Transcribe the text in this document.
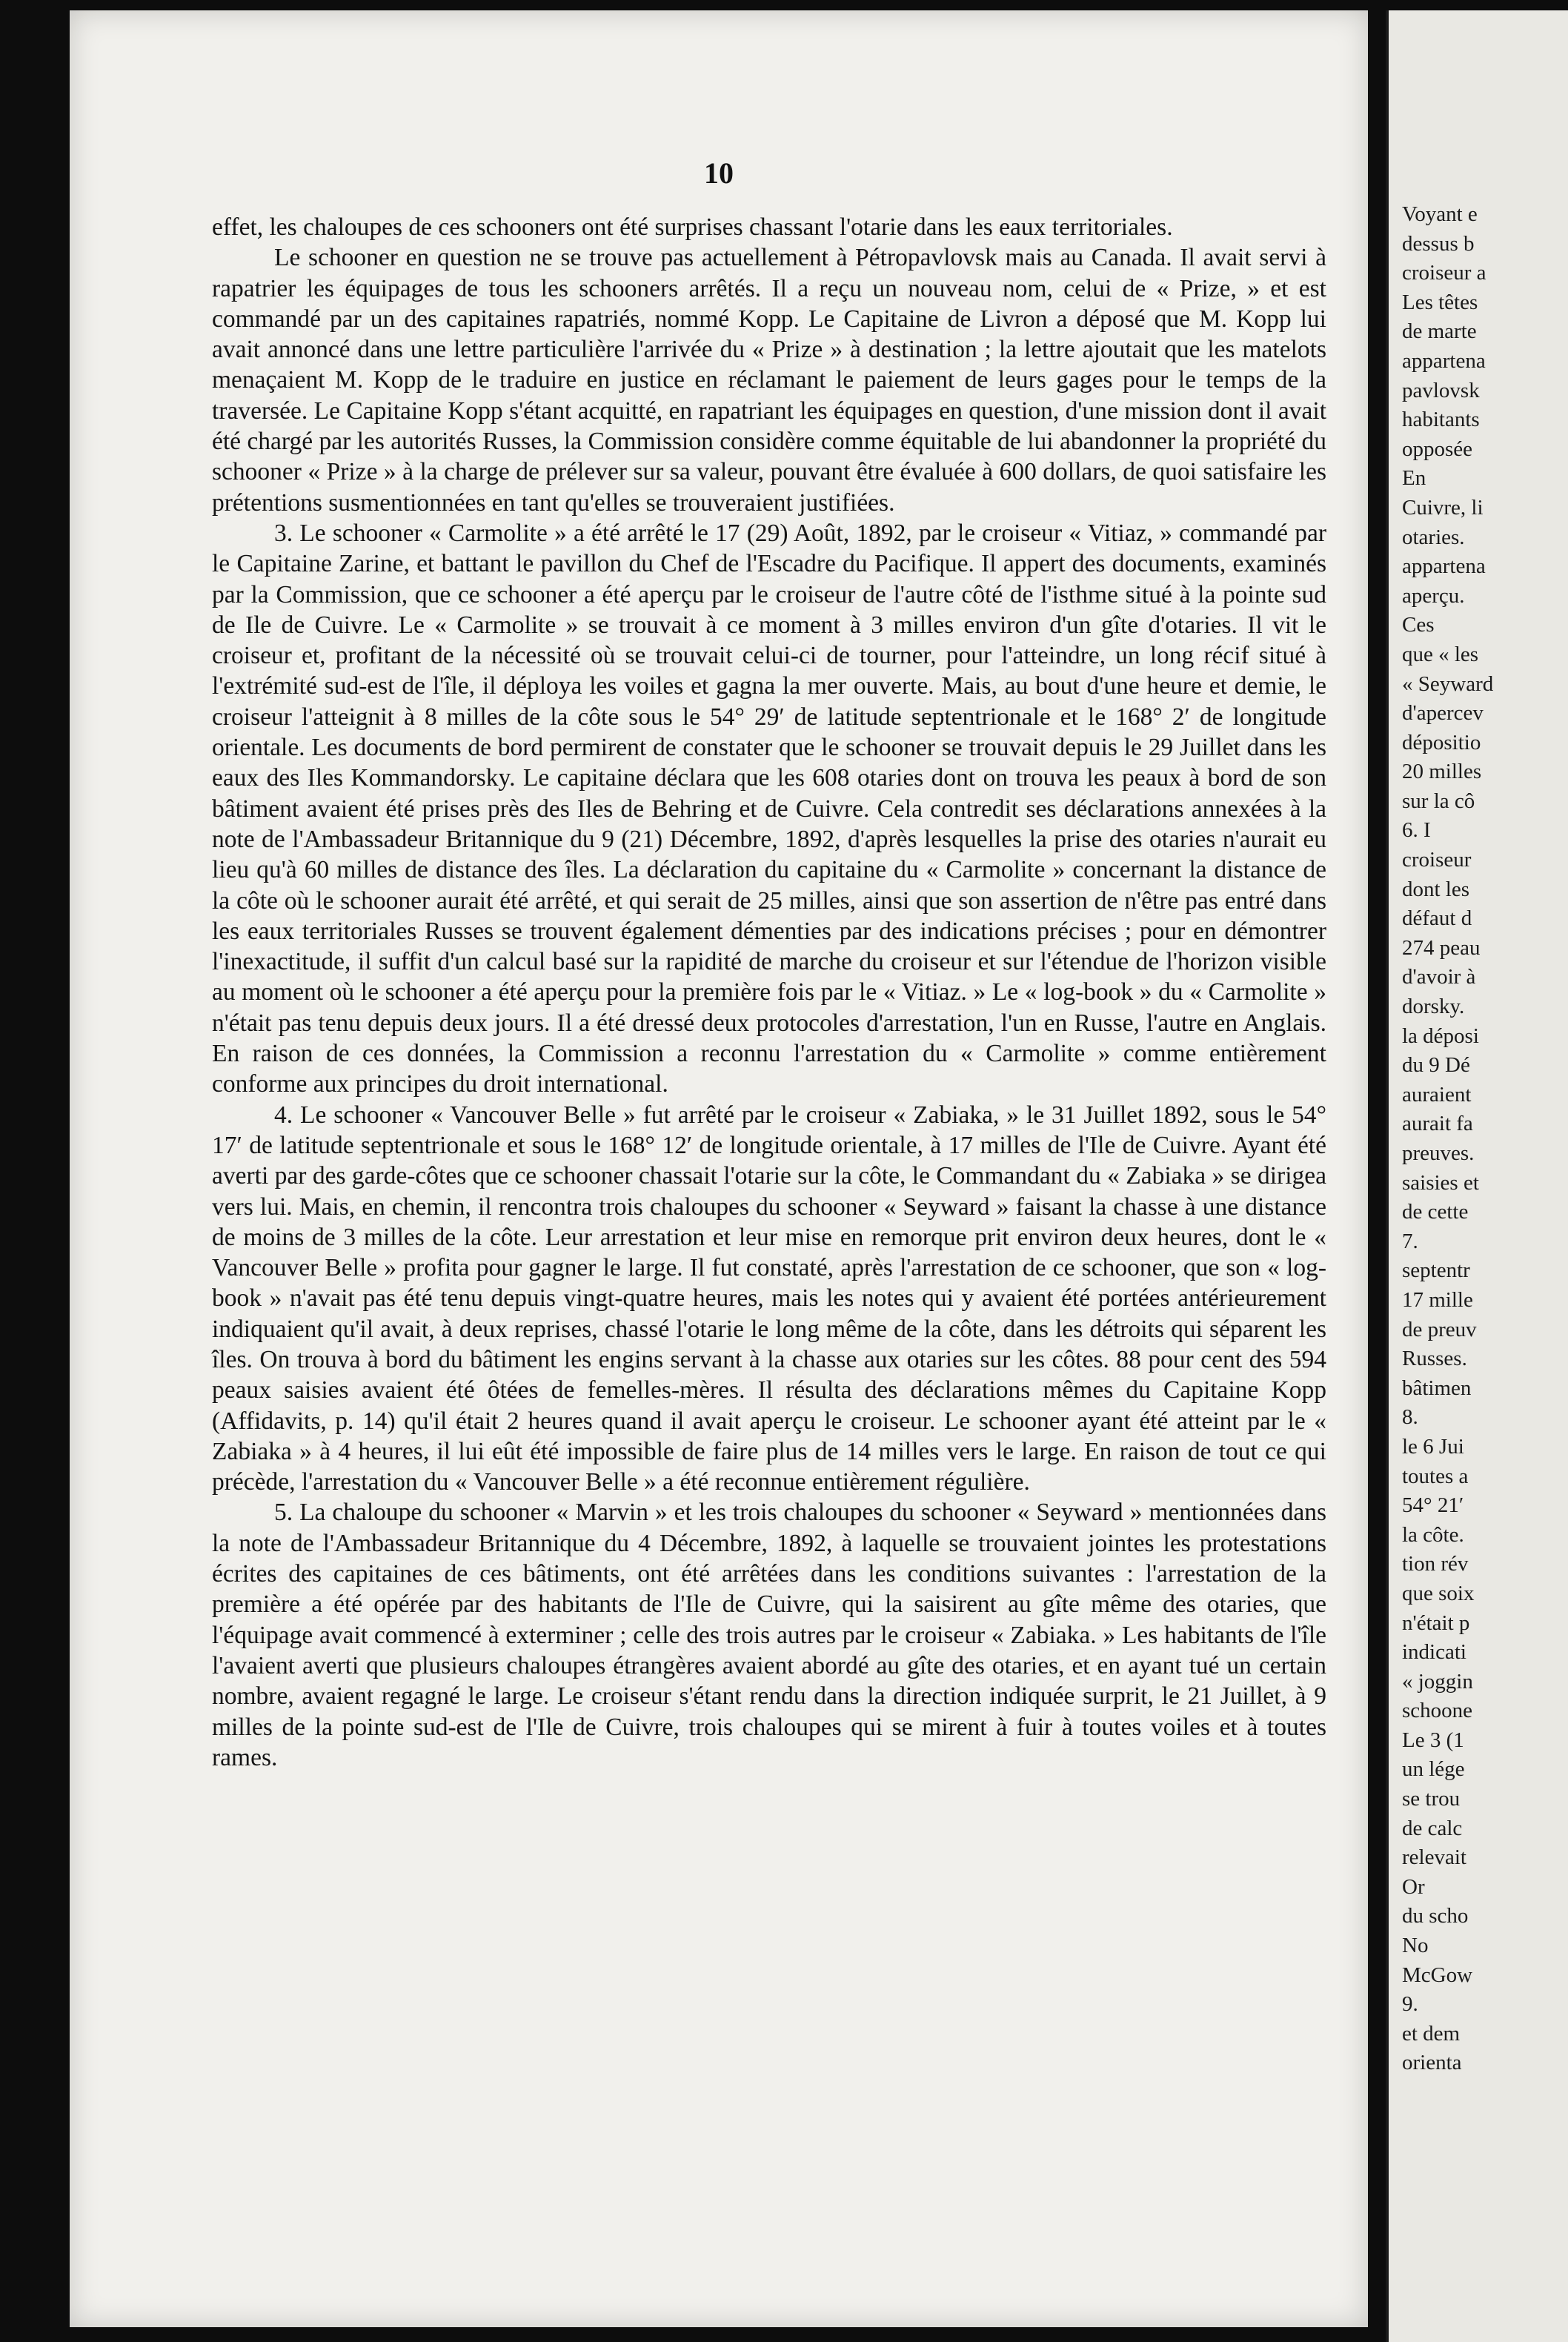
10

effet, les chaloupes de ces schooners ont été surprises chassant l'otarie dans les eaux territoriales.

Le schooner en question ne se trouve pas actuellement à Pétropavlovsk mais au Canada. Il avait servi à rapatrier les équipages de tous les schooners arrêtés. Il a reçu un nouveau nom, celui de « Prize, » et est commandé par un des capitaines rapatriés, nommé Kopp. Le Capitaine de Livron a déposé que M. Kopp lui avait annoncé dans une lettre particulière l'arrivée du « Prize » à destination ; la lettre ajoutait que les matelots menaçaient M. Kopp de le traduire en justice en réclamant le paiement de leurs gages pour le temps de la traversée. Le Capitaine Kopp s'étant acquitté, en rapatriant les équipages en question, d'une mission dont il avait été chargé par les autorités Russes, la Commission considère comme équitable de lui abandonner la propriété du schooner « Prize » à la charge de prélever sur sa valeur, pouvant être évaluée à 600 dollars, de quoi satisfaire les prétentions susmentionnées en tant qu'elles se trouveraient justifiées.

3. Le schooner « Carmolite » a été arrêté le 17 (29) Août, 1892, par le croiseur « Vitiaz, » commandé par le Capitaine Zarine, et battant le pavillon du Chef de l'Escadre du Pacifique. Il appert des documents, examinés par la Commission, que ce schooner a été aperçu par le croiseur de l'autre côté de l'isthme situé à la pointe sud de Ile de Cuivre. Le « Carmolite » se trouvait à ce moment à 3 milles environ d'un gîte d'otaries. Il vit le croiseur et, profitant de la nécessité où se trouvait celui-ci de tourner, pour l'atteindre, un long récif situé à l'extrémité sud-est de l'île, il déploya les voiles et gagna la mer ouverte. Mais, au bout d'une heure et demie, le croiseur l'atteignit à 8 milles de la côte sous le 54° 29′ de latitude septentrionale et le 168° 2′ de longitude orientale. Les documents de bord permirent de constater que le schooner se trouvait depuis le 29 Juillet dans les eaux des Iles Kommandorsky. Le capitaine déclara que les 608 otaries dont on trouva les peaux à bord de son bâtiment avaient été prises près des Iles de Behring et de Cuivre. Cela contredit ses déclarations annexées à la note de l'Ambassadeur Britannique du 9 (21) Décembre, 1892, d'après lesquelles la prise des otaries n'aurait eu lieu qu'à 60 milles de distance des îles. La déclaration du capitaine du « Carmolite » concernant la distance de la côte où le schooner aurait été arrêté, et qui serait de 25 milles, ainsi que son assertion de n'être pas entré dans les eaux territoriales Russes se trouvent également démenties par des indications précises ; pour en démontrer l'inexactitude, il suffit d'un calcul basé sur la rapidité de marche du croiseur et sur l'étendue de l'horizon visible au moment où le schooner a été aperçu pour la première fois par le « Vitiaz. » Le « log-book » du « Carmolite » n'était pas tenu depuis deux jours. Il a été dressé deux protocoles d'arrestation, l'un en Russe, l'autre en Anglais. En raison de ces données, la Commission a reconnu l'arrestation du « Carmolite » comme entièrement conforme aux principes du droit international.

4. Le schooner « Vancouver Belle » fut arrêté par le croiseur « Zabiaka, » le 31 Juillet 1892, sous le 54° 17′ de latitude septentrionale et sous le 168° 12′ de longitude orientale, à 17 milles de l'Ile de Cuivre. Ayant été averti par des garde-côtes que ce schooner chassait l'otarie sur la côte, le Commandant du « Zabiaka » se dirigea vers lui. Mais, en chemin, il rencontra trois chaloupes du schooner « Seyward » faisant la chasse à une distance de moins de 3 milles de la côte. Leur arrestation et leur mise en remorque prit environ deux heures, dont le « Vancouver Belle » profita pour gagner le large. Il fut constaté, après l'arrestation de ce schooner, que son « log-book » n'avait pas été tenu depuis vingt-quatre heures, mais les notes qui y avaient été portées antérieurement indiquaient qu'il avait, à deux reprises, chassé l'otarie le long même de la côte, dans les détroits qui séparent les îles. On trouva à bord du bâtiment les engins servant à la chasse aux otaries sur les côtes. 88 pour cent des 594 peaux saisies avaient été ôtées de femelles-mères. Il résulta des déclarations mêmes du Capitaine Kopp (Affidavits, p. 14) qu'il était 2 heures quand il avait aperçu le croiseur. Le schooner ayant été atteint par le « Zabiaka » à 4 heures, il lui eût été impossible de faire plus de 14 milles vers le large. En raison de tout ce qui précède, l'arrestation du « Vancouver Belle » a été reconnue entièrement régulière.

5. La chaloupe du schooner « Marvin » et les trois chaloupes du schooner « Seyward » mentionnées dans la note de l'Ambassadeur Britannique du 4 Décembre, 1892, à laquelle se trouvaient jointes les protestations écrites des capitaines de ces bâtiments, ont été arrêtées dans les conditions suivantes : l'arrestation de la première a été opérée par des habitants de l'Ile de Cuivre, qui la saisirent au gîte même des otaries, que l'équipage avait commencé à exterminer ; celle des trois autres par le croiseur « Zabiaka. » Les habitants de l'île l'avaient averti que plusieurs chaloupes étrangères avaient abordé au gîte des otaries, et en ayant tué un certain nombre, avaient regagné le large. Le croiseur s'étant rendu dans la direction indiquée surprit, le 21 Juillet, à 9 milles de la pointe sud-est de l'Ile de Cuivre, trois chaloupes qui se mirent à fuir à toutes voiles et à toutes rames.

Voyant e
dessus b
croiseur a
Les têtes
de marte
appartena
pavlovsk
habitants
opposée
En
Cuivre, li
otaries.
appartena
aperçu.
Ces
que « les
« Seyward
d'apercev
dépositio
20 milles
sur la cô
6. I
croiseur
dont les
défaut d
274 peau
d'avoir à
dorsky.
la déposi
du 9 Dé
auraient
aurait fa
preuves.
saisies et
de cette
7.
septentr
17 mille
de preuv
Russes.
bâtimen
8.
le 6 Jui
toutes a
54° 21′
la côte.
tion rév
que soix
n'était p
indicati
« joggin
schoone
Le 3 (1
un légе
se trou
de calc
relevait
Or
du scho
No
McGow
9.
et dem
orienta
